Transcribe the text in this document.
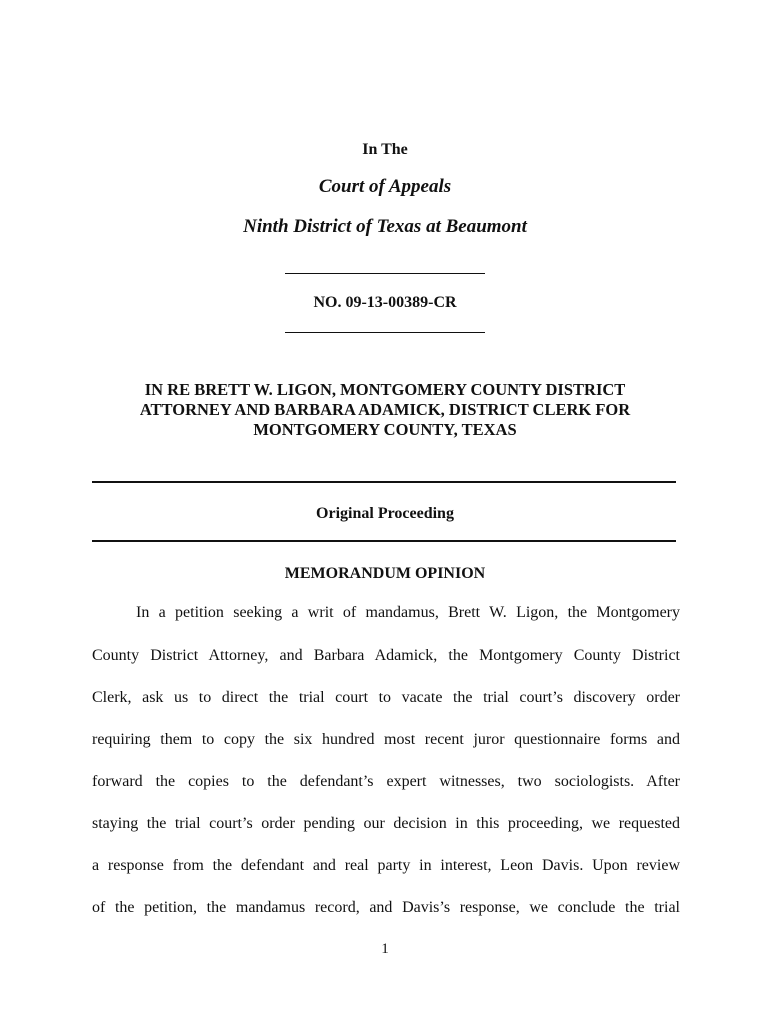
In The
Court of Appeals
Ninth District of Texas at Beaumont
NO. 09-13-00389-CR
IN RE BRETT W. LIGON, MONTGOMERY COUNTY DISTRICT
ATTORNEY AND BARBARA ADAMICK, DISTRICT CLERK FOR
MONTGOMERY COUNTY, TEXAS
Original Proceeding
MEMORANDUM OPINION
In a petition seeking a writ of mandamus, Brett W. Ligon, the Montgomery
County District Attorney, and Barbara Adamick, the Montgomery County District
Clerk, ask us to direct the trial court to vacate the trial court’s discovery order
requiring them to copy the six hundred most recent juror questionnaire forms and
forward the copies to the defendant’s expert witnesses, two sociologists. After
staying the trial court’s order pending our decision in this proceeding, we requested
a response from the defendant and real party in interest, Leon Davis. Upon review
of the petition, the mandamus record, and Davis’s response, we conclude the trial
1
